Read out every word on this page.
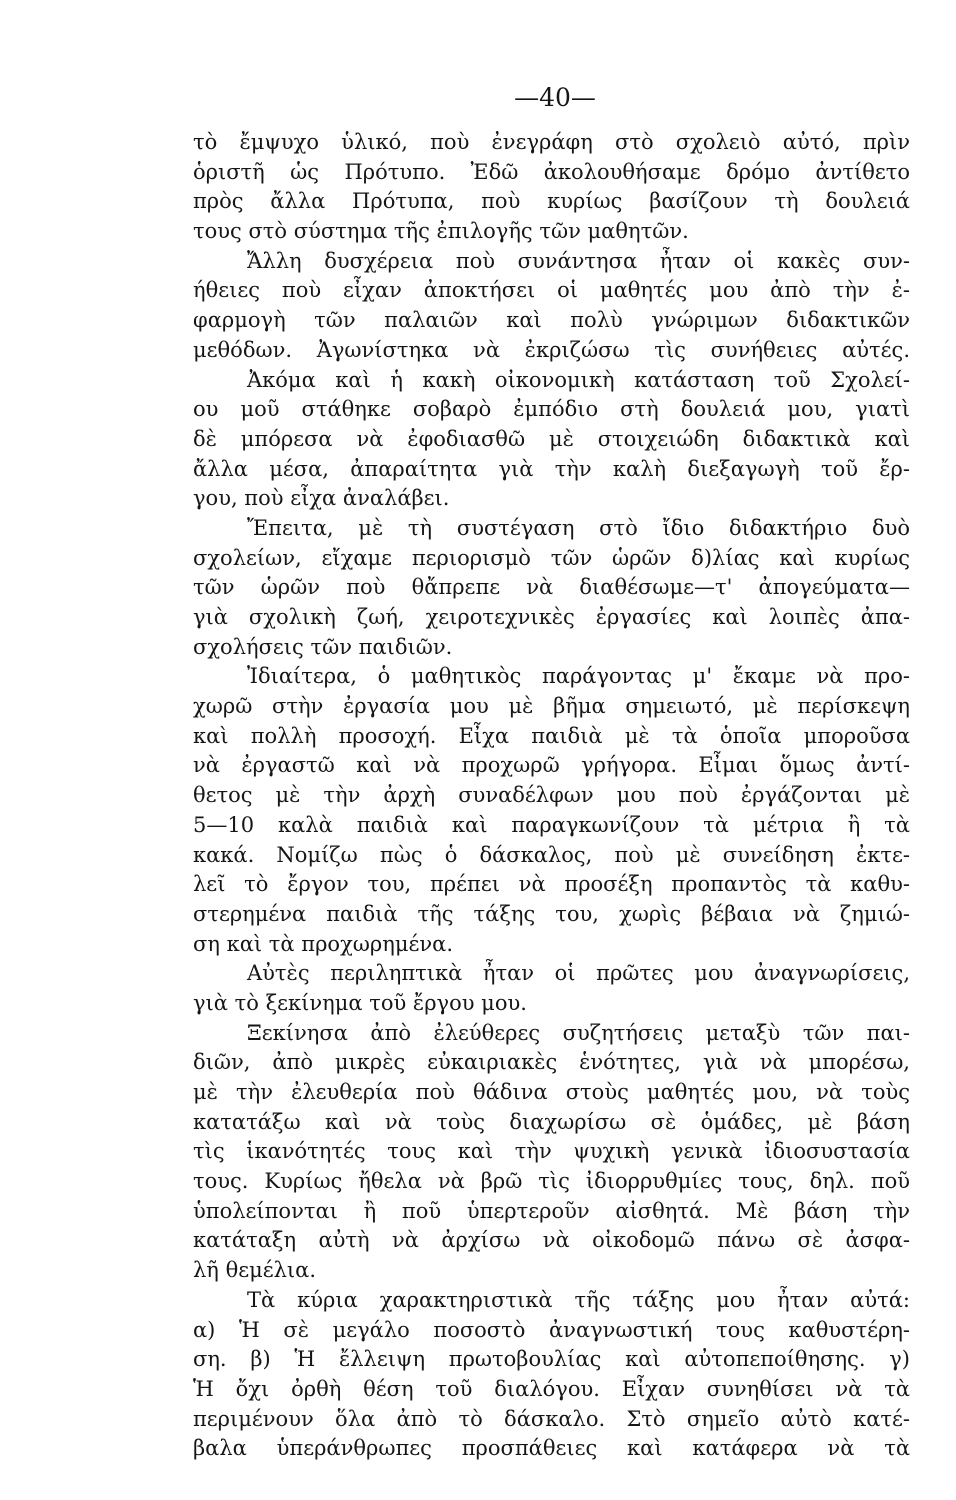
—40—
τὸ ἔμψυχο ὑλικό, ποὺ ἐνεγράφη στὸ σχολειὸ αὐτό, πρὶν
ὁριστῆ ὡς Πρότυπο. Ἐδῶ ἀκολουθήσαμε δρόμο ἀντίθετο
πρὸς ἄλλα Πρότυπα, ποὺ κυρίως βασίζουν τὴ δουλειά
τους στὸ σύστημα τῆς ἐπιλογῆς τῶν μαθητῶν.
Ἄλλη δυσχέρεια ποὺ συνάντησα ἦταν οἱ κακὲς συν-
ήθειες ποὺ εἶχαν ἀποκτήσει οἱ μαθητές μου ἀπὸ τὴν ἐ-
φαρμογὴ τῶν παλαιῶν καὶ πολὺ γνώριμων διδακτικῶν
μεθόδων. Ἀγωνίστηκα νὰ ἐκριζώσω τὶς συνήθειες αὐτές.
Ἀκόμα καὶ ἡ κακὴ οἰκονομικὴ κατάσταση τοῦ Σχολεί-
ου μοῦ στάθηκε σοβαρὸ ἐμπόδιο στὴ δουλειά μου, γιατὶ
δὲ μπόρεσα νὰ ἐφοδιασθῶ μὲ στοιχειώδη διδακτικὰ καὶ
ἄλλα μέσα, ἀπαραίτητα γιὰ τὴν καλὴ διεξαγωγὴ τοῦ ἔρ-
γου, ποὺ εἶχα ἀναλάβει.
Ἔπειτα, μὲ τὴ συστέγαση στὸ ἴδιο διδακτήριο δυὸ
σχολείων, εἴχαμε περιορισμὸ τῶν ὡρῶν δ)λίας καὶ κυρίως
τῶν ὡρῶν ποὺ θἄπρεπε νὰ διαθέσωμε—τ' ἀπογεύματα—
γιὰ σχολικὴ ζωή, χειροτεχνικὲς ἐργασίες καὶ λοιπὲς ἀπα-
σχολήσεις τῶν παιδιῶν.
Ἰδιαίτερα, ὁ μαθητικὸς παράγοντας μ' ἔκαμε νὰ προ-
χωρῶ στὴν ἐργασία μου μὲ βῆμα σημειωτό, μὲ περίσκεψη
καὶ πολλὴ προσοχή. Εἶχα παιδιὰ μὲ τὰ ὁποῖα μποροῦσα
νὰ ἐργαστῶ καὶ νὰ προχωρῶ γρήγορα. Εἶμαι ὅμως ἀντί-
θετος μὲ τὴν ἀρχὴ συναδέλφων μου ποὺ ἐργάζονται μὲ
5—10 καλὰ παιδιὰ καὶ παραγκωνίζουν τὰ μέτρια ἢ τὰ
κακά. Νομίζω πὼς ὁ δάσκαλος, ποὺ μὲ συνείδηση ἐκτε-
λεῖ τὸ ἔργον του, πρέπει νὰ προσέξη προπαντὸς τὰ καθυ-
στερημένα παιδιὰ τῆς τάξης του, χωρὶς βέβαια νὰ ζημιώ-
ση καὶ τὰ προχωρημένα.
Αὐτὲς περιληπτικὰ ἦταν οἱ πρῶτες μου ἀναγνωρίσεις,
γιὰ τὸ ξεκίνημα τοῦ ἔργου μου.
Ξεκίνησα ἀπὸ ἐλεύθερες συζητήσεις μεταξὺ τῶν παι-
διῶν, ἀπὸ μικρὲς εὐκαιριακὲς ἑνότητες, γιὰ νὰ μπορέσω,
μὲ τὴν ἐλευθερία ποὺ θάδινα στοὺς μαθητές μου, νὰ τοὺς
κατατάξω καὶ νὰ τοὺς διαχωρίσω σὲ ὁμάδες, μὲ βάση
τὶς ἱκανότητές τους καὶ τὴν ψυχικὴ γενικὰ ἰδιοσυστασία
τους. Κυρίως ἤθελα νὰ βρῶ τὶς ἰδιορρυθμίες τους, δηλ. ποῦ
ὑπολείπονται ἢ ποῦ ὑπερτεροῦν αἰσθητά. Μὲ βάση τὴν
κατάταξη αὐτὴ νὰ ἀρχίσω νὰ οἰκοδομῶ πάνω σὲ ἀσφα-
λῆ θεμέλια.
Τὰ κύρια χαρακτηριστικὰ τῆς τάξης μου ἦταν αὐτά:
α) Ἡ σὲ μεγάλο ποσοστὸ ἀναγνωστική τους καθυστέρη-
ση. β) Ἡ ἔλλειψη πρωτοβουλίας καὶ αὐτοπεποίθησης. γ)
Ἡ ὄχι ὀρθὴ θέση τοῦ διαλόγου. Εἶχαν συνηθίσει νὰ τὰ
περιμένουν ὅλα ἀπὸ τὸ δάσκαλο. Στὸ σημεῖο αὐτὸ κατέ-
βαλα ὑπεράνθρωπες προσπάθειες καὶ κατάφερα νὰ τὰ
